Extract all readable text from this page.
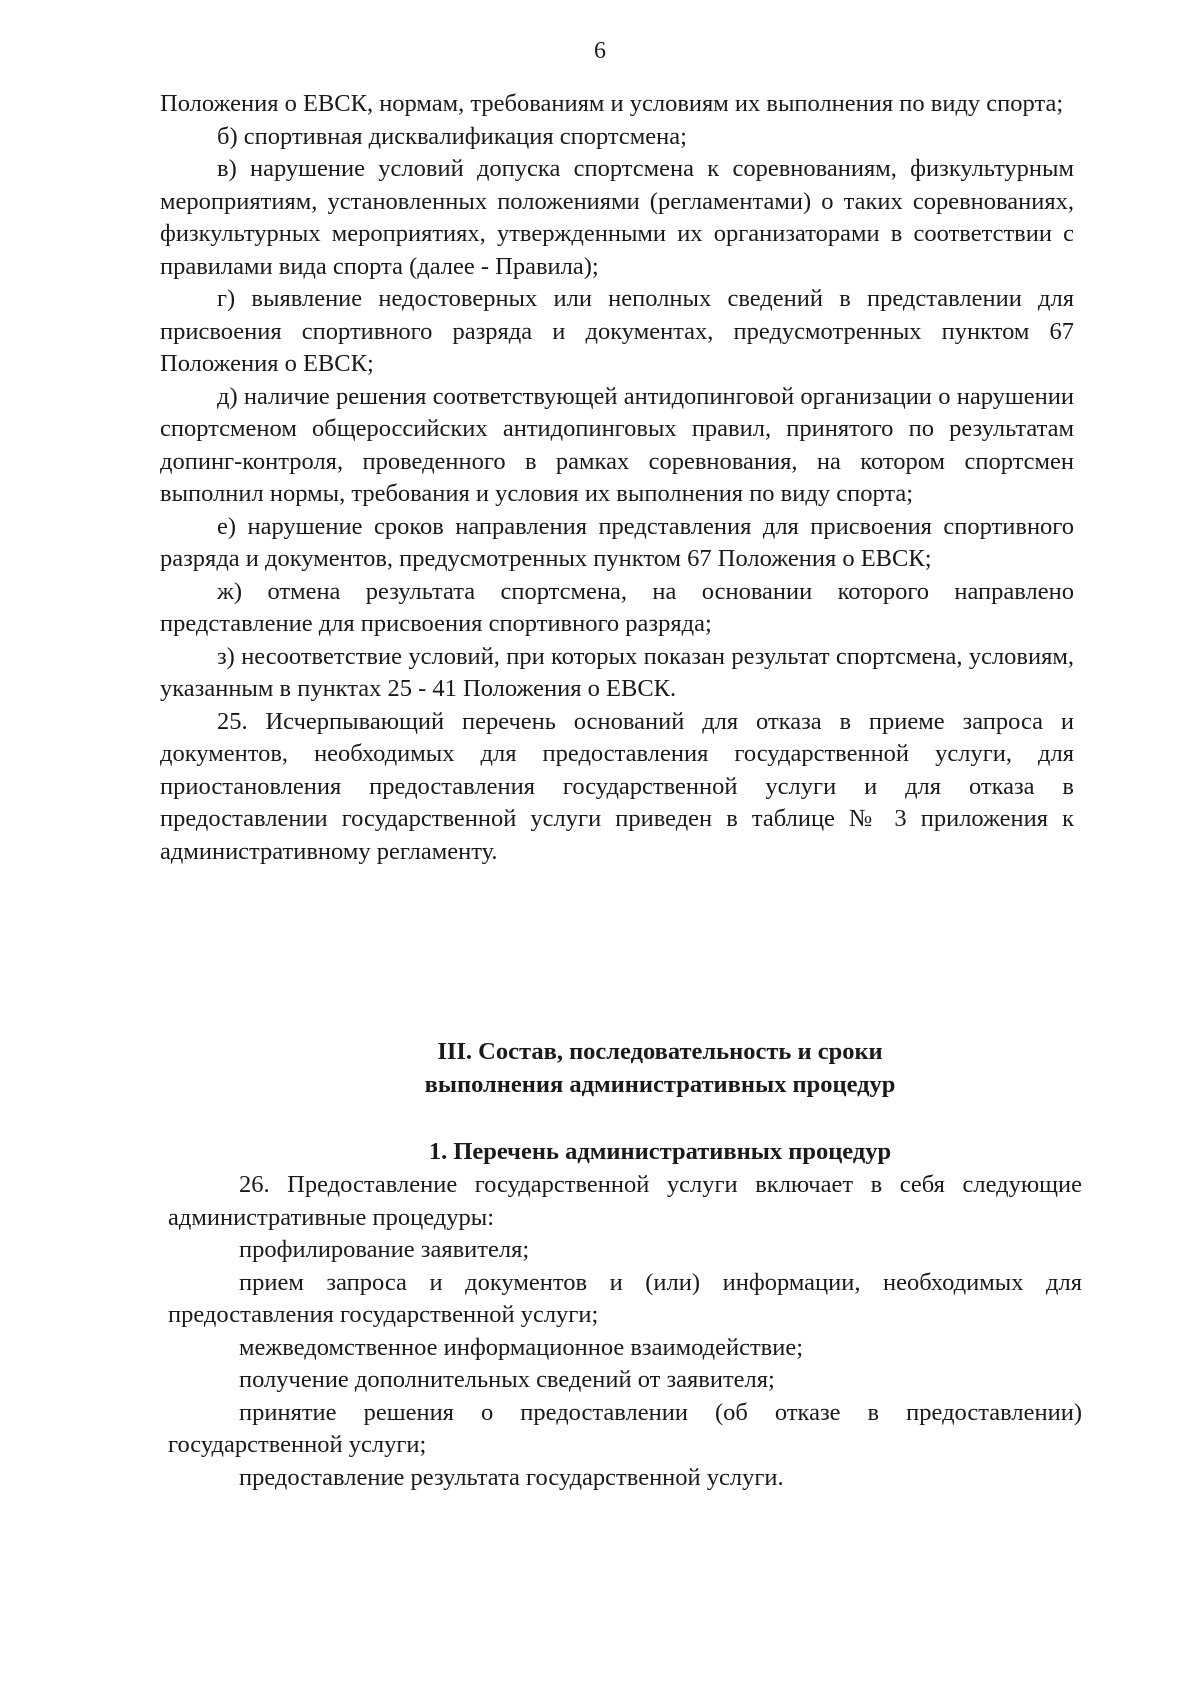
6

Положения о ЕВСК, нормам, требованиям и условиям их выполнения по виду спорта;

б) спортивная дисквалификация спортсмена;

в) нарушение условий допуска спортсмена к соревнованиям, физкультурным мероприятиям, установленных положениями (регламентами) о таких соревнованиях, физкультурных мероприятиях, утвержденными их организаторами в соответствии с правилами вида спорта (далее - Правила);

г) выявление недостоверных или неполных сведений в представлении для присвоения спортивного разряда и документах, предусмотренных пунктом 67 Положения о ЕВСК;

д) наличие решения соответствующей антидопинговой организации о нарушении спортсменом общероссийских антидопинговых правил, принятого по результатам допинг-контроля, проведенного в рамках соревнования, на котором спортсмен выполнил нормы, требования и условия их выполнения по виду спорта;

е) нарушение сроков направления представления для присвоения спортивного разряда и документов, предусмотренных пунктом 67 Положения о ЕВСК;

ж) отмена результата спортсмена, на основании которого направлено представление для присвоения спортивного разряда;

з) несоответствие условий, при которых показан результат спортсмена, условиям, указанным в пунктах 25 - 41 Положения о ЕВСК.

25. Исчерпывающий перечень оснований для отказа в приеме запроса и документов, необходимых для предоставления государственной услуги, для приостановления предоставления государственной услуги и для отказа в предоставлении государственной услуги приведен в таблице № 3 приложения к административному регламенту.

III. Состав, последовательность и сроки
выполнения административных процедур
1. Перечень административных процедур

26. Предоставление государственной услуги включает в себя следующие административные процедуры:

профилирование заявителя;

прием запроса и документов и (или) информации, необходимых для предоставления государственной услуги;

межведомственное информационное взаимодействие;

получение дополнительных сведений от заявителя;

принятие решения о предоставлении (об отказе в предоставлении) государственной услуги;

предоставление результата государственной услуги.
